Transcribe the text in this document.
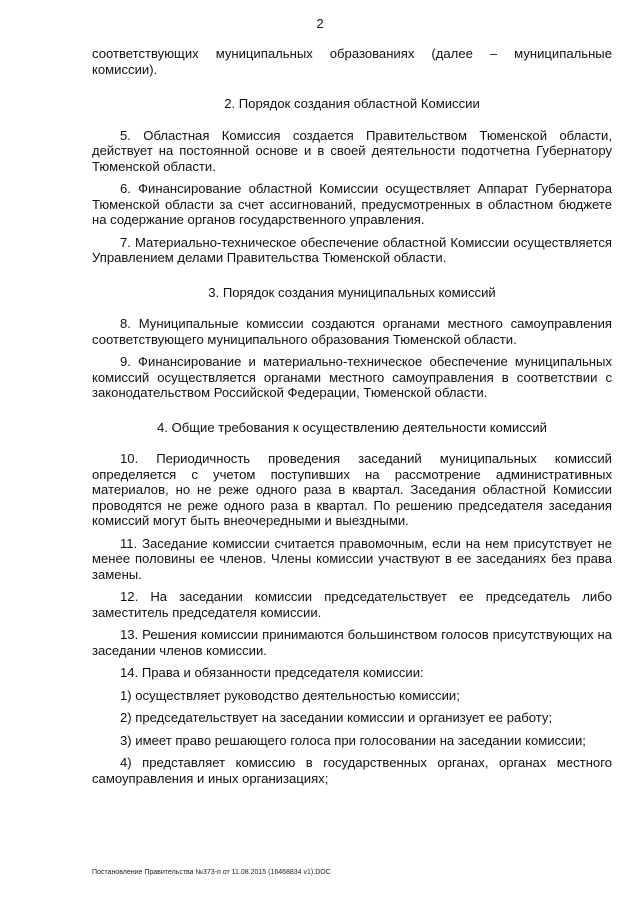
2

соответствующих муниципальных образованиях (далее – муниципальные комиссии).

2. Порядок создания областной Комиссии

5. Областная Комиссия создается Правительством Тюменской области, действует на постоянной основе и в своей деятельности подотчетна Губернатору Тюменской области.

6. Финансирование областной Комиссии осуществляет Аппарат Губернатора Тюменской области за счет ассигнований, предусмотренных в областном бюджете на содержание органов государственного управления.

7. Материально-техническое обеспечение областной Комиссии осуществляется Управлением делами Правительства Тюменской области.

3. Порядок создания муниципальных комиссий

8. Муниципальные комиссии создаются органами местного самоуправления соответствующего муниципального образования Тюменской области.

9. Финансирование и материально-техническое обеспечение муниципальных комиссий осуществляется органами местного самоуправления в соответствии с законодательством Российской Федерации, Тюменской области.

4. Общие требования к осуществлению деятельности комиссий

10. Периодичность проведения заседаний муниципальных комиссий определяется с учетом поступивших на рассмотрение административных материалов, но не реже одного раза в квартал. Заседания областной Комиссии проводятся не реже одного раза в квартал. По решению председателя заседания комиссий могут быть внеочередными и выездными.

11. Заседание комиссии считается правомочным, если на нем присутствует не менее половины ее членов. Члены комиссии участвуют в ее заседаниях без права замены.

12. На заседании комиссии председательствует ее председатель либо заместитель председателя комиссии.

13. Решения комиссии принимаются большинством голосов присутствующих на заседании членов комиссии.

14. Права и обязанности председателя комиссии:

1) осуществляет руководство деятельностью комиссии;

2) председательствует на заседании комиссии и организует ее работу;

3) имеет право решающего голоса при голосовании на заседании комиссии;

4) представляет комиссию в государственных органах, органах местного самоуправления и иных организациях;

Постановление Правительства №373-п от 11.08.2015 (16468834 v1).DOC
